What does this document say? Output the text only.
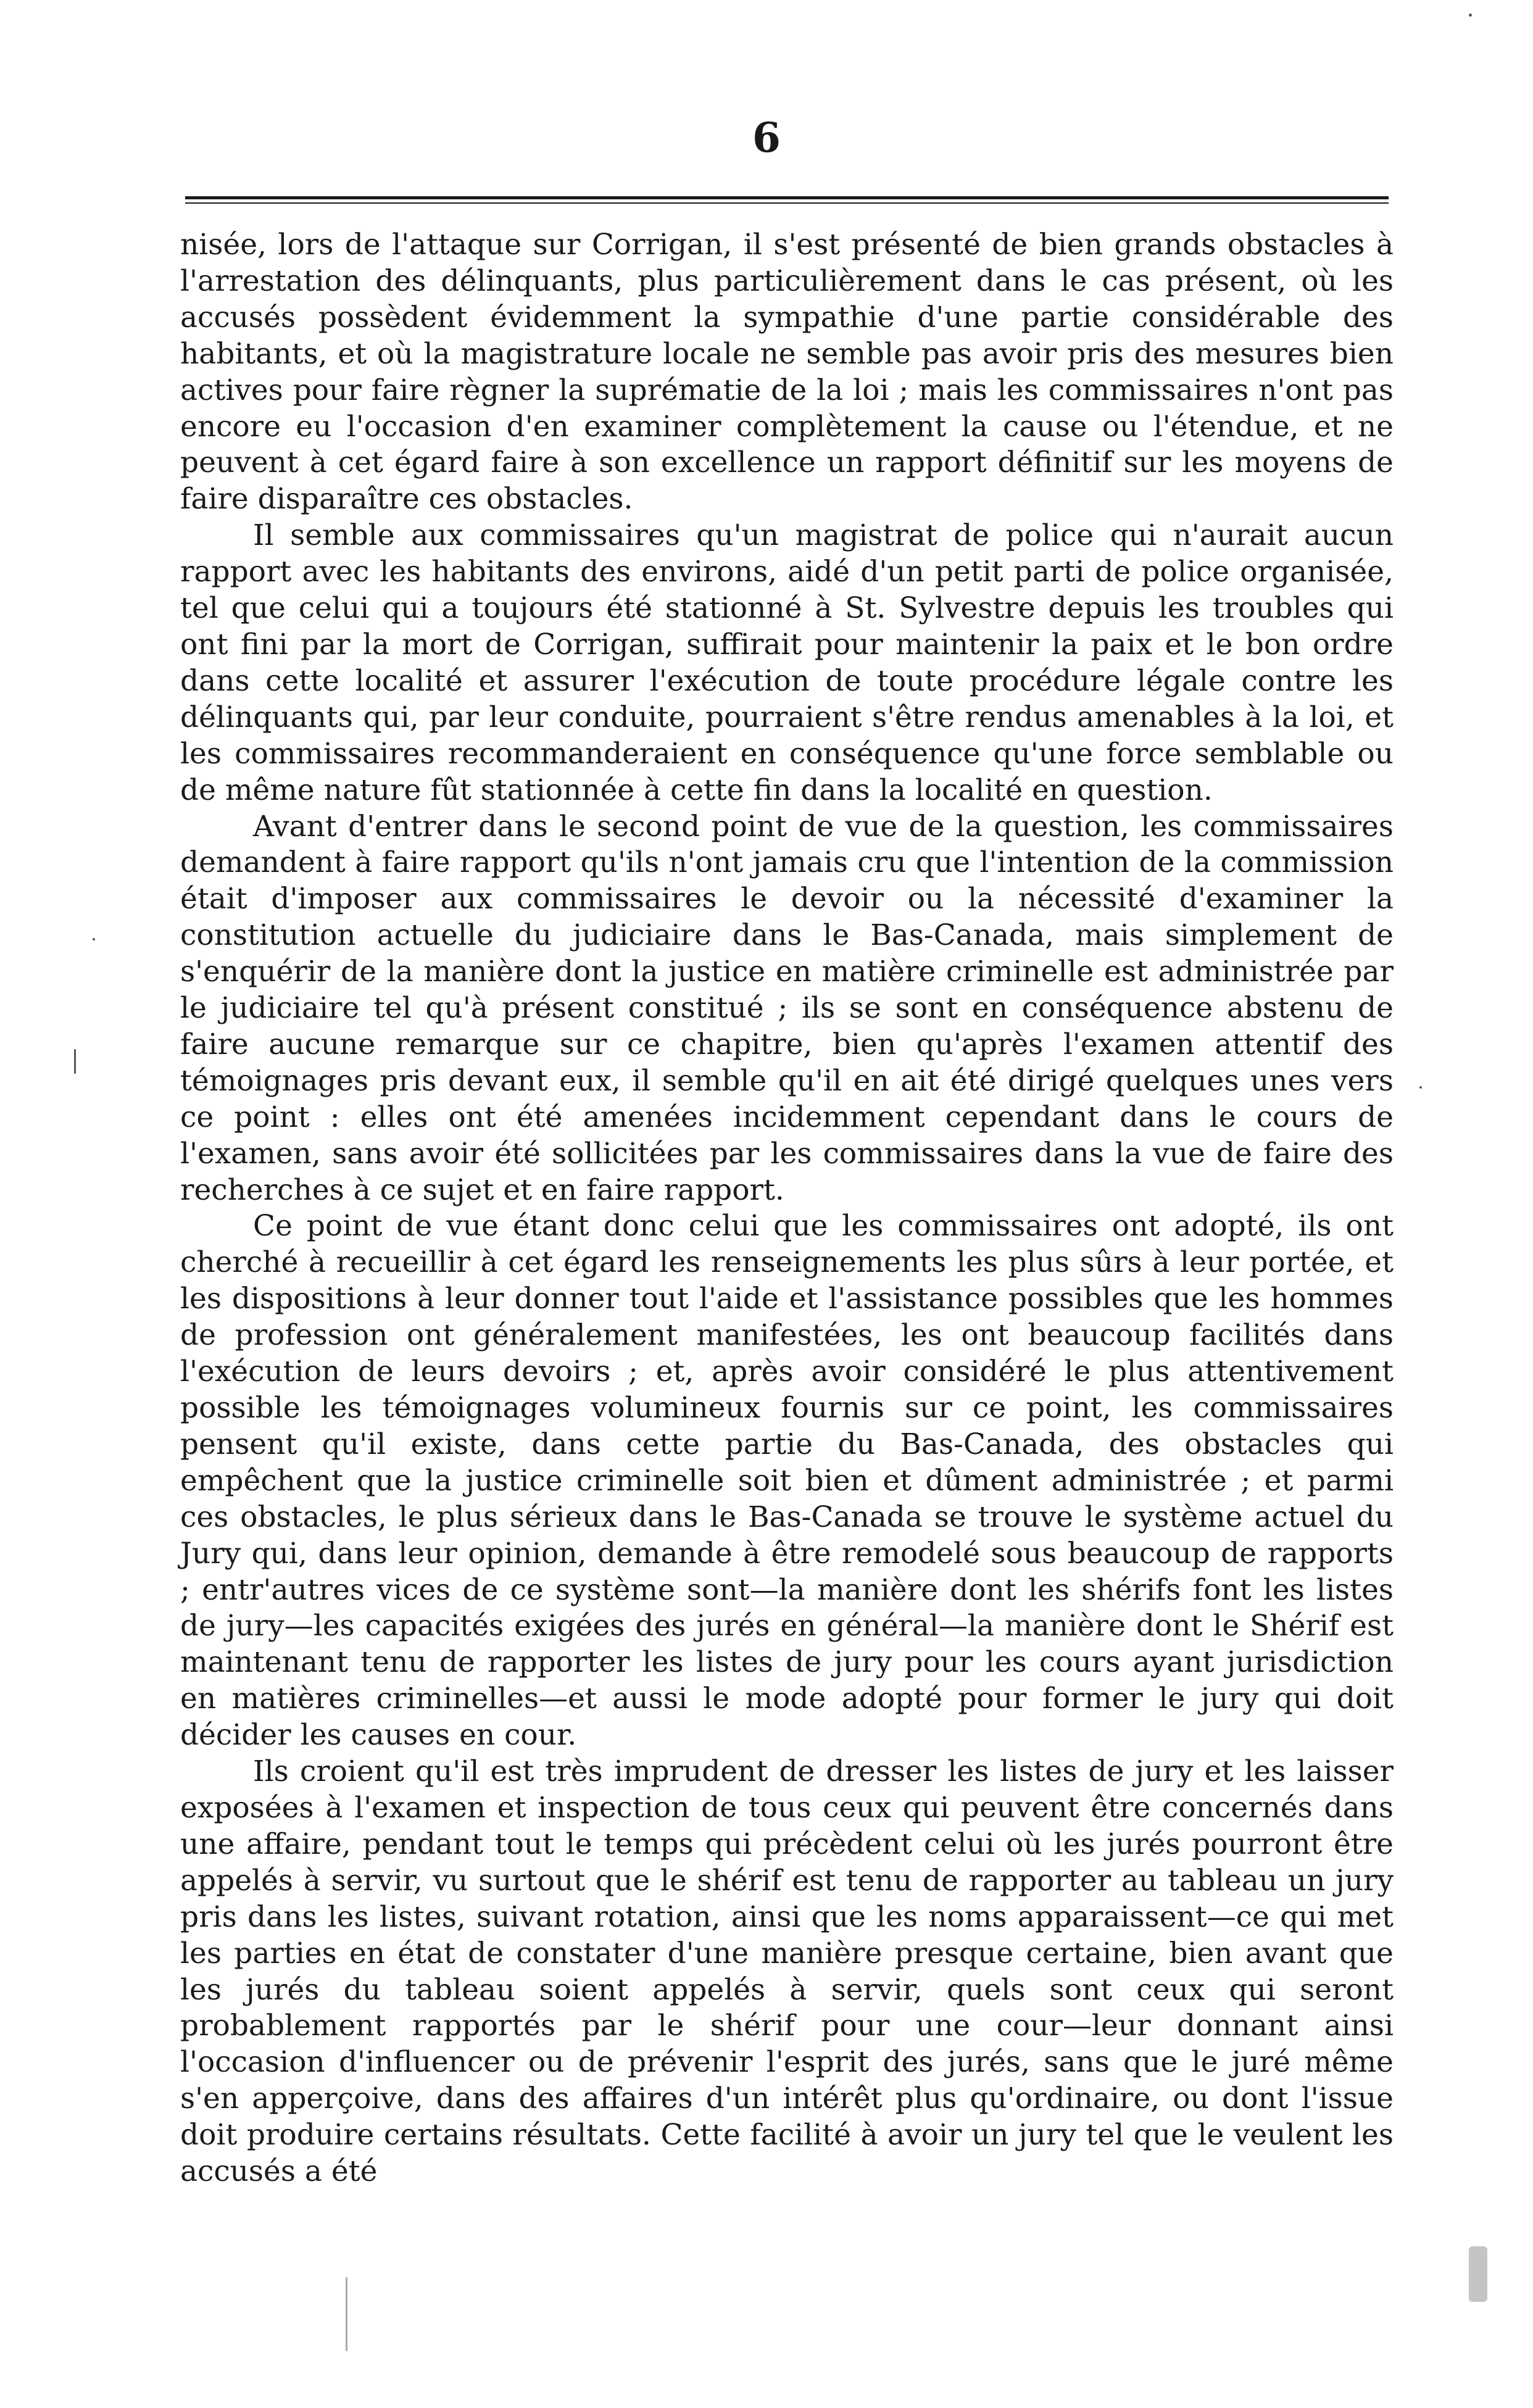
6

nisée, lors de l'attaque sur Corrigan, il s'est présenté de bien grands obstacles à l'arrestation des délinquants, plus particulièrement dans le cas présent, où les accusés possèdent évidemment la sympathie d'une partie considérable des habitants, et où la magistrature locale ne semble pas avoir pris des mesures bien actives pour faire règner la suprématie de la loi ; mais les commissaires n'ont pas encore eu l'occasion d'en examiner complètement la cause ou l'étendue, et ne peuvent à cet égard faire à son excellence un rapport définitif sur les moyens de faire disparaître ces obstacles.

Il semble aux commissaires qu'un magistrat de police qui n'aurait aucun rapport avec les habitants des environs, aidé d'un petit parti de police organisée, tel que celui qui a toujours été stationné à St. Sylvestre depuis les troubles qui ont fini par la mort de Corrigan, suffirait pour maintenir la paix et le bon ordre dans cette localité et assurer l'exécution de toute procédure légale contre les délinquants qui, par leur conduite, pourraient s'être rendus amenables à la loi, et les commissaires recommanderaient en conséquence qu'une force semblable ou de même nature fût stationnée à cette fin dans la localité en question.

Avant d'entrer dans le second point de vue de la question, les commissaires demandent à faire rapport qu'ils n'ont jamais cru que l'intention de la commission était d'imposer aux commissaires le devoir ou la nécessité d'examiner la constitution actuelle du judiciaire dans le Bas-Canada, mais simplement de s'enquérir de la manière dont la justice en matière criminelle est administrée par le judiciaire tel qu'à présent constitué ; ils se sont en conséquence abstenu de faire aucune remarque sur ce chapitre, bien qu'après l'examen attentif des témoignages pris devant eux, il semble qu'il en ait été dirigé quelques unes vers ce point : elles ont été amenées incidemment cependant dans le cours de l'examen, sans avoir été sollicitées par les commissaires dans la vue de faire des recherches à ce sujet et en faire rapport.

Ce point de vue étant donc celui que les commissaires ont adopté, ils ont cherché à recueillir à cet égard les renseignements les plus sûrs à leur portée, et les dispositions à leur donner tout l'aide et l'assistance possibles que les hommes de profession ont généralement manifestées, les ont beaucoup facilités dans l'exécution de leurs devoirs ; et, après avoir considéré le plus attentivement possible les témoignages volumineux fournis sur ce point, les commissaires pensent qu'il existe, dans cette partie du Bas-Canada, des obstacles qui empêchent que la justice criminelle soit bien et dûment administrée ; et parmi ces obstacles, le plus sérieux dans le Bas-Canada se trouve le système actuel du Jury qui, dans leur opinion, demande à être remodelé sous beaucoup de rapports ; entr'autres vices de ce système sont—la manière dont les shérifs font les listes de jury—les capacités exigées des jurés en général—la manière dont le Shérif est maintenant tenu de rapporter les listes de jury pour les cours ayant jurisdiction en matières criminelles—et aussi le mode adopté pour former le jury qui doit décider les causes en cour.

Ils croient qu'il est très imprudent de dresser les listes de jury et les laisser exposées à l'examen et inspection de tous ceux qui peuvent être concernés dans une affaire, pendant tout le temps qui précèdent celui où les jurés pourront être appelés à servir, vu surtout que le shérif est tenu de rapporter au tableau un jury pris dans les listes, suivant rotation, ainsi que les noms apparaissent—ce qui met les parties en état de constater d'une manière presque certaine, bien avant que les jurés du tableau soient appelés à servir, quels sont ceux qui seront probablement rapportés par le shérif pour une cour—leur donnant ainsi l'occasion d'influencer ou de prévenir l'esprit des jurés, sans que le juré même s'en apperçoive, dans des affaires d'un intérêt plus qu'ordinaire, ou dont l'issue doit produire certains résultats. Cette facilité à avoir un jury tel que le veulent les accusés a été
